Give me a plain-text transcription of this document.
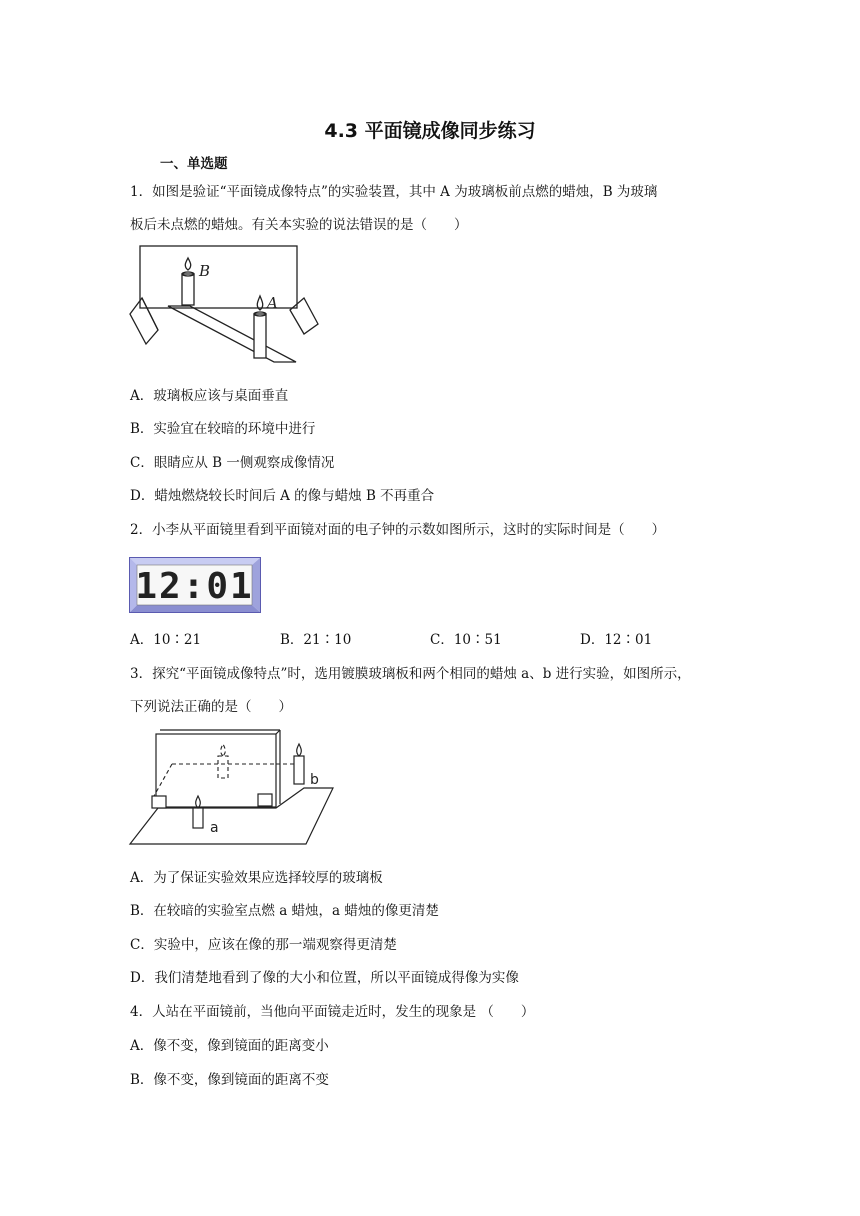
4.3 平面镜成像同步练习
一、单选题
1．如图是验证“平面镜成像特点”的实验装置，其中 A 为玻璃板前点燃的蜡烛，B 为玻璃
板后未点燃的蜡烛。有关本实验的说法错误的是（　　）
B
A
A．玻璃板应该与桌面垂直
B．实验宜在较暗的环境中进行
C．眼睛应从 B 一侧观察成像情况
D．蜡烛燃烧较长时间后 A 的像与蜡烛 B 不再重合
2．小李从平面镜里看到平面镜对面的电子钟的示数如图所示，这时的实际时间是（　　）
12:01
A．10∶21	B．21∶10	C．10∶51	D．12∶01
3．探究“平面镜成像特点”时，选用镀膜玻璃板和两个相同的蜡烛 a、b 进行实验，如图所示，
下列说法正确的是（　　）
a
b
A．为了保证实验效果应选择较厚的玻璃板
B．在较暗的实验室点燃 a 蜡烛，a 蜡烛的像更清楚
C．实验中，应该在像的那一端观察得更清楚
D．我们清楚地看到了像的大小和位置，所以平面镜成得像为实像
4．人站在平面镜前，当他向平面镜走近时，发生的现象是 （　　）
A．像不变，像到镜面的距离变小
B．像不变，像到镜面的距离不变
